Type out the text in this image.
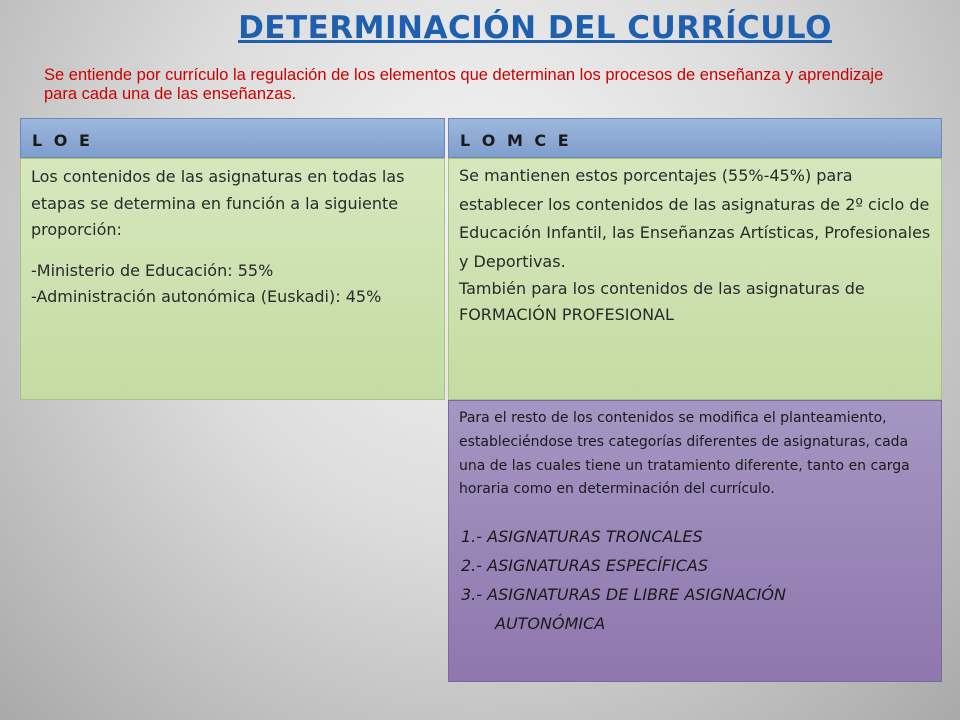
DETERMINACIÓN DEL CURRÍCULO
Se entiende por currículo la regulación de los elementos que determinan los procesos de enseñanza y aprendizaje para cada una de las enseñanzas.
L O E

Los contenidos de las asignaturas en todas las etapas se determina en función a la siguiente proporción:

-Ministerio de Educación: 55%

-Administración autonómica (Euskadi): 45%

L O M C E

Se mantienen estos porcentajes (55%-45%) para establecer los contenidos de las asignaturas de 2º ciclo de Educación Infantil, las Enseñanzas Artísticas, Profesionales y Deportivas.

También para los contenidos de las asignaturas de FORMACIÓN PROFESIONAL

Para el resto de los contenidos se modifica el planteamiento, estableciéndose tres categorías diferentes de asignaturas, cada una de las cuales tiene un tratamiento diferente, tanto en carga horaria como en determinación del currículo.

1.- ASIGNATURAS TRONCALES
2.- ASIGNATURAS ESPECÍFICAS
3.- ASIGNATURAS DE LIBRE ASIGNACIÓN
AUTONÓMICA
